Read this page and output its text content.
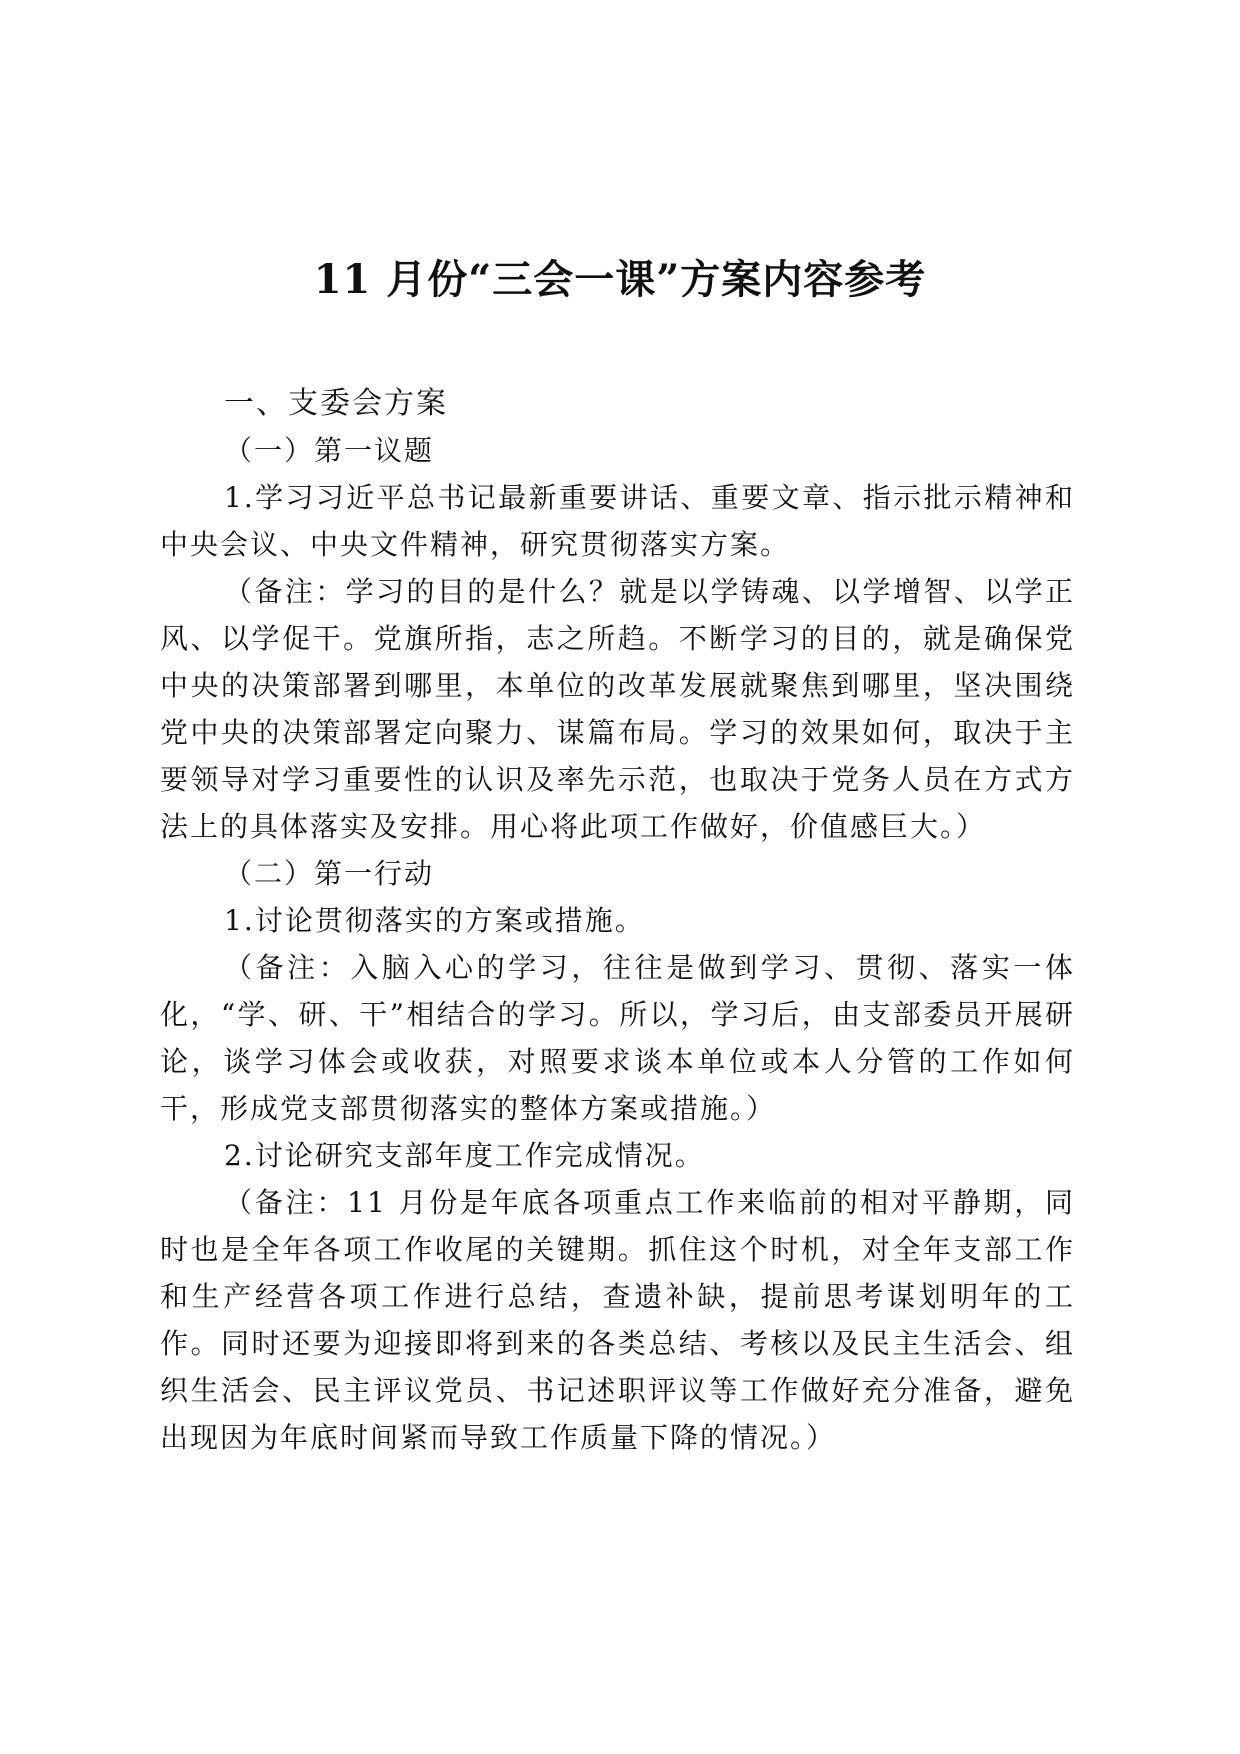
11 月份“三会一课”方案内容参考
一、支委会方案
（一）第一议题
1.学习习近平总书记最新重要讲话、重要文章、指示批示精神和中央会议、中央文件精神，研究贯彻落实方案。
（备注：学习的目的是什么？就是以学铸魂、以学增智、以学正风、以学促干。党旗所指，志之所趋。不断学习的目的，就是确保党中央的决策部署到哪里，本单位的改革发展就聚焦到哪里，坚决围绕党中央的决策部署定向聚力、谋篇布局。学习的效果如何，取决于主要领导对学习重要性的认识及率先示范，也取决于党务人员在方式方法上的具体落实及安排。用心将此项工作做好，价值感巨大。）
（二）第一行动
1.讨论贯彻落实的方案或措施。
（备注：入脑入心的学习，往往是做到学习、贯彻、落实一体化，“学、研、干”相结合的学习。所以，学习后，由支部委员开展研论，谈学习体会或收获，对照要求谈本单位或本人分管的工作如何干，形成党支部贯彻落实的整体方案或措施。）
2.讨论研究支部年度工作完成情况。
（备注：11 月份是年底各项重点工作来临前的相对平静期，同时也是全年各项工作收尾的关键期。抓住这个时机，对全年支部工作和生产经营各项工作进行总结，查遗补缺，提前思考谋划明年的工作。同时还要为迎接即将到来的各类总结、考核以及民主生活会、组织生活会、民主评议党员、书记述职评议等工作做好充分准备，避免出现因为年底时间紧而导致工作质量下降的情况。）
